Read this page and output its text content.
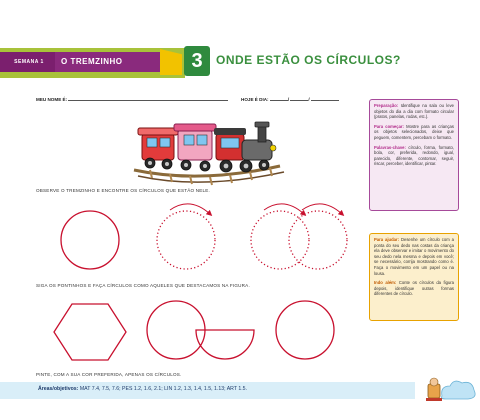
SEMANA 1	O TREMZINHO	3	ONDE ESTÃO OS CÍRCULOS?
MEU NOME É:	HOJE É DIA:	/	/
OBSERVE O TREMZINHO E ENCONTRE OS CÍRCULOS QUE ESTÃO NELE.
SIGA OS PONTINHOS E FAÇA CÍRCULOS COMO AQUELES QUE DESTACAMOS NA FIGURA.
PINTE, COM A SUA COR PREFERIDA, APENAS OS CÍRCULOS.

Preparação: Identifique na sala ou leve objetos do dia a dia com formato circular (pratos, panelas, rodas, etc.).

Para começar: Mostre para as crianças os objetos selecionados, deixe que peguem, comentem, percebam o formato.

Palavras-chave: círculo, forma, formato, bola, cor, preferida, redondo, igual, parecido, diferente, contornar, seguir, riscar, perceber, identificar, pintar.

Para ajudar: Desenhe um círculo com a ponta do seu dedo nas costas da criança ela deve observar e imitar o movimento do seu dedo nela mesma e depois em você; se necessário, corrija mostrando como é. Faça o movimento em um papel ou na lousa.

Indo além: Conte os círculos da figura depois, identifique outras formas diferentes de círculo.

Áreas/objetivos: MAT 7.4, 7.5, 7.6; PES 1.2, 1.6, 2.1; LIN 1.2, 1.3, 1.4, 1.5, 1.13; ART 1.5.
